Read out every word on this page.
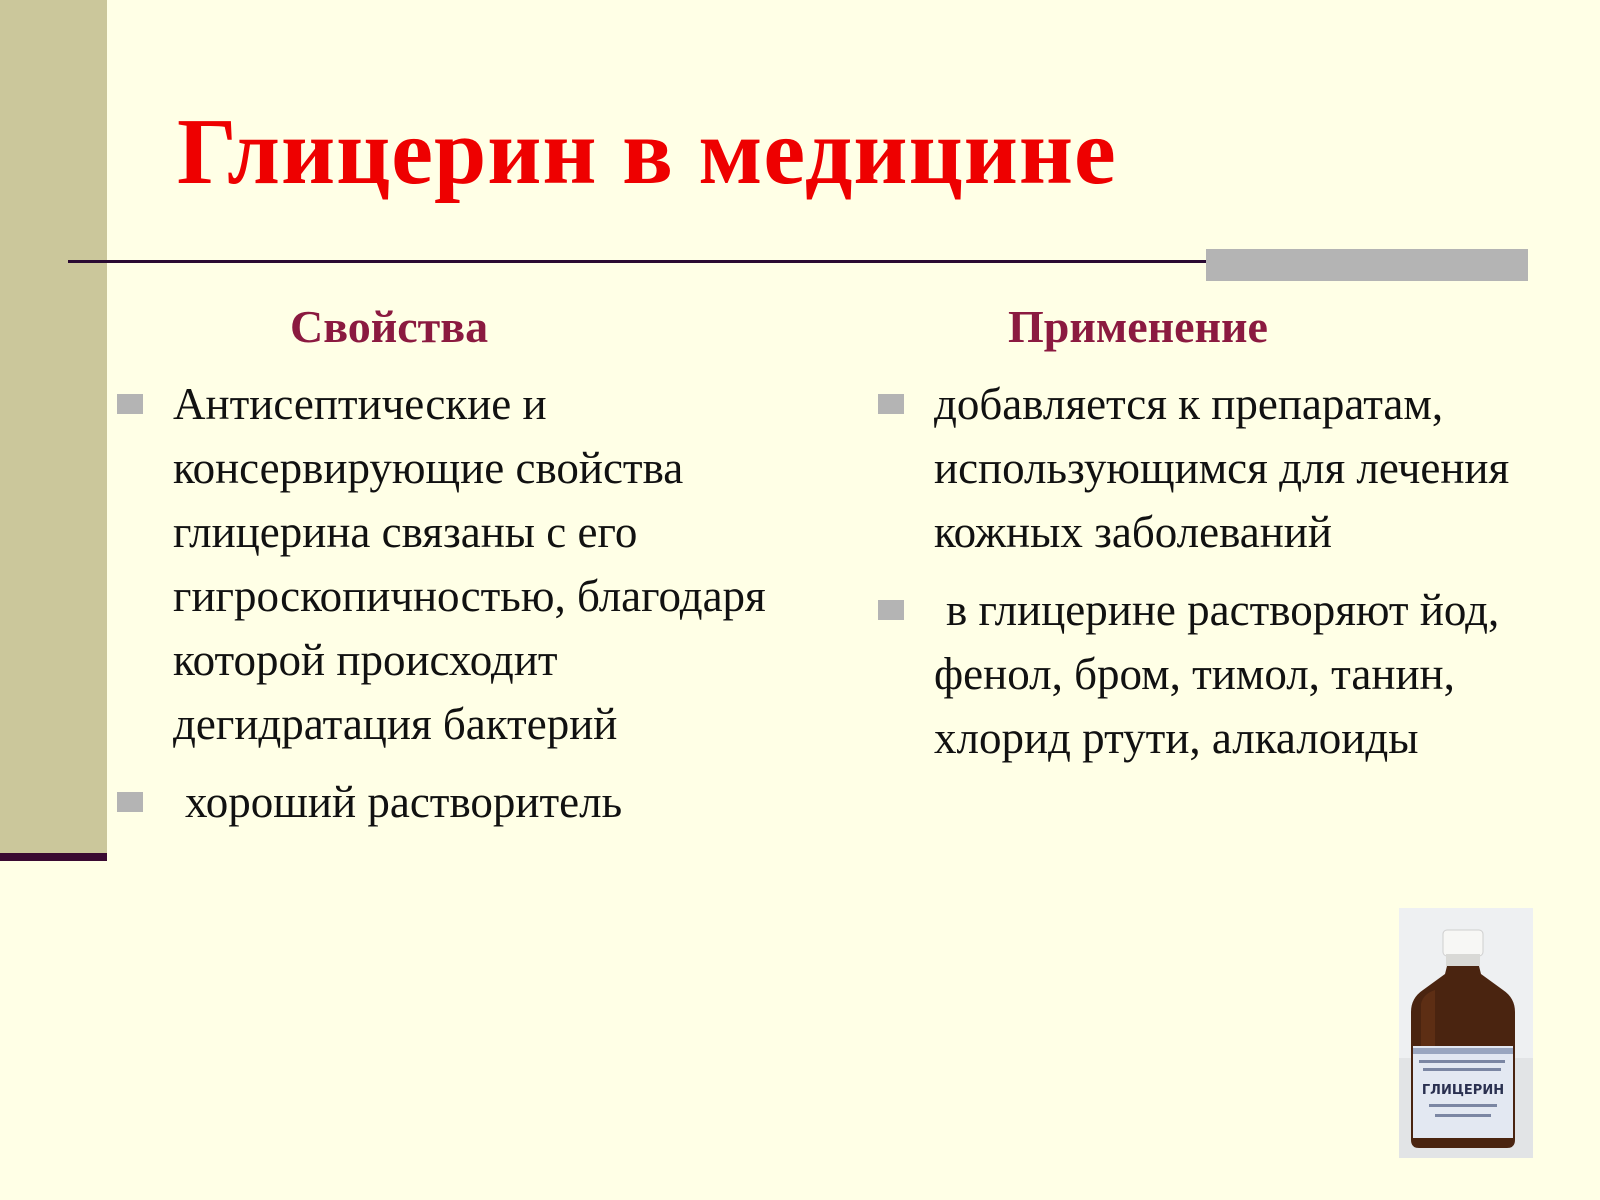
Глицерин в медицине
Свойства
Антисептические и консервирующие свойства глицерина связаны с его гигроскопичностью, благодаря которой происходит дегидратация бактерий
хороший растворитель
Применение
добавляется к препаратам, использующимся для лечения кожных заболеваний
в глицерине растворяют йод, фенол, бром, тимол, танин, хлорид ртути, алкалоиды
ГЛИЦЕРИН
